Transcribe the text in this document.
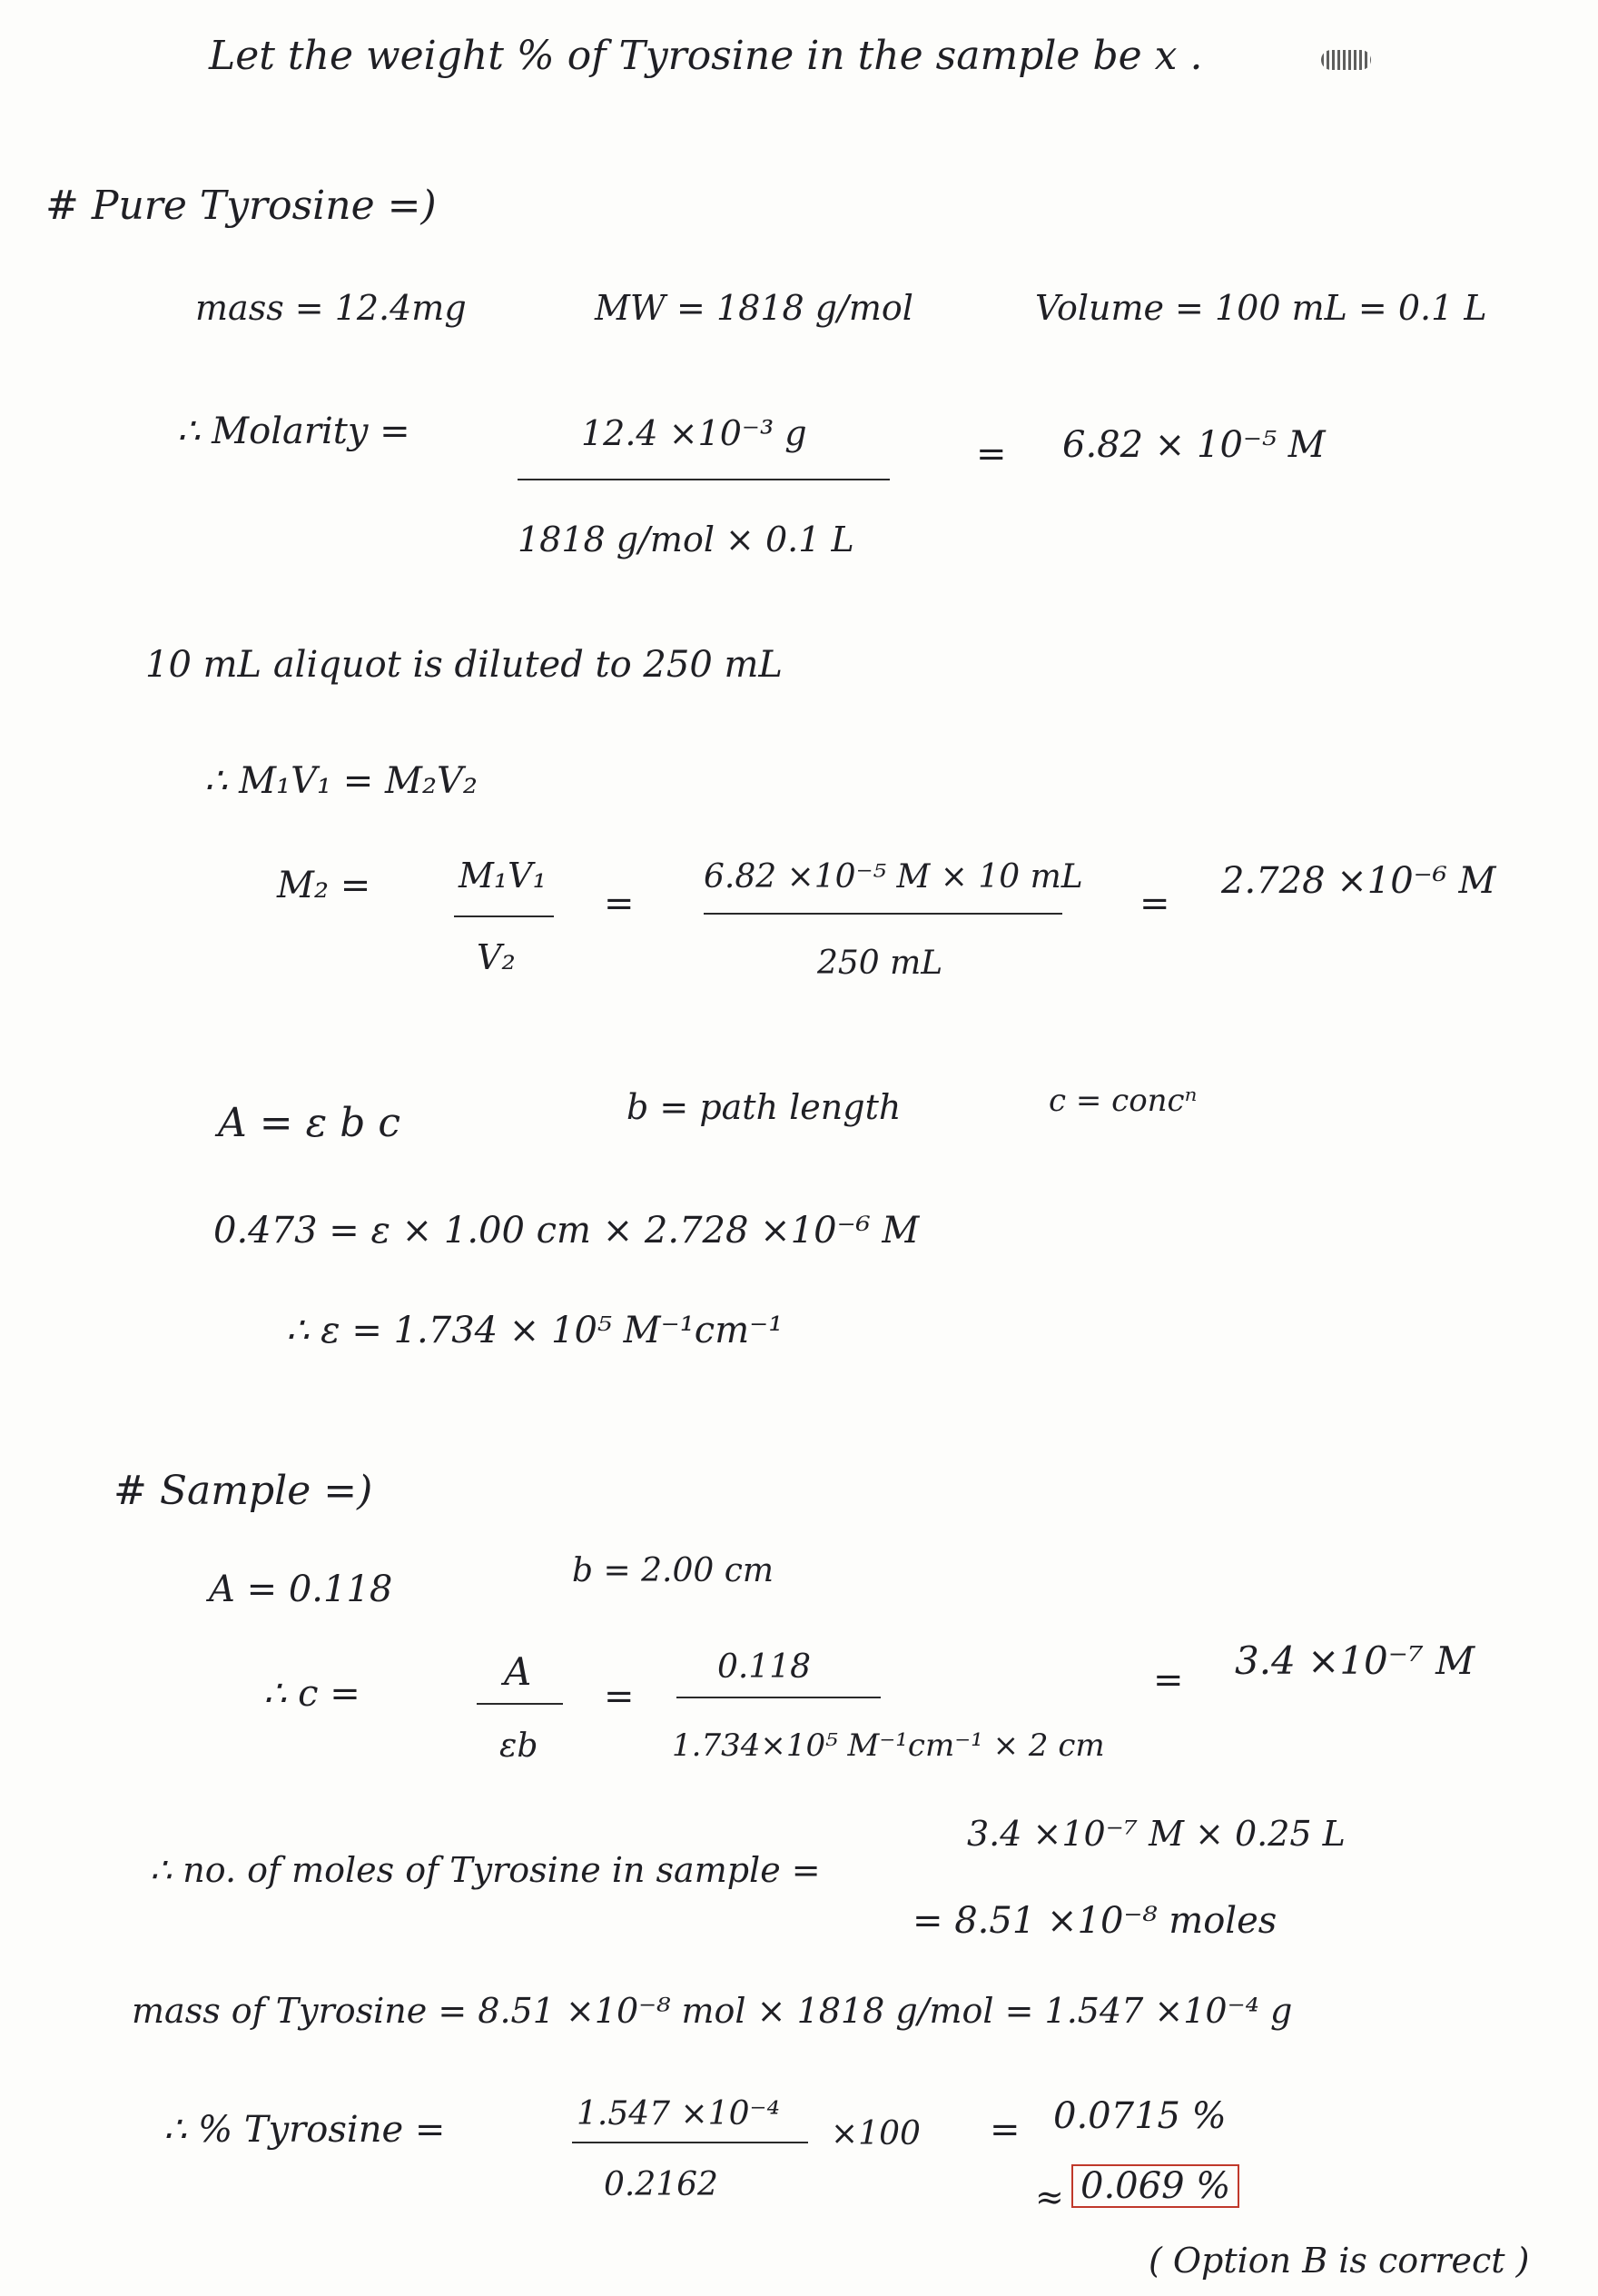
Let the weight % of Tyrosine in the sample be x .
# Pure Tyrosine =)
mass = 12.4mg	MW = 1818 g/mol	Volume = 100 mL = 0.1 L
∴ Molarity =	12.4 ×10⁻³ g
1818 g/mol × 0.1 L
= 6.82 × 10⁻⁵ M
10 mL aliquot is diluted to 250 mL
∴ M₁V₁ = M₂V₂
M₂ =	M₁V₁
V₂
=
6.82 ×10⁻⁵ M × 10 mL
250 mL
=
2.728 ×10⁻⁶ M
A = ε b c	b = path length	c = concⁿ
0.473 = ε × 1.00 cm × 2.728 ×10⁻⁶ M
∴ ε = 1.734 × 10⁵ M⁻¹cm⁻¹
# Sample =)
A = 0.118	b = 2.00 cm
∴ c =	A
εb
=
0.118
1.734×10⁵ M⁻¹cm⁻¹ × 2 cm
= 3.4 ×10⁻⁷ M
∴ no. of moles of Tyrosine in sample =
3.4 ×10⁻⁷ M × 0.25 L
= 8.51 ×10⁻⁸ moles
mass of Tyrosine = 8.51 ×10⁻⁸ mol × 1818 g/mol = 1.547 ×10⁻⁴ g
∴ % Tyrosine =	1.547 ×10⁻⁴
0.2162
×100 = 0.0715 %
≈ 0.069 %
( Option B is correct )
